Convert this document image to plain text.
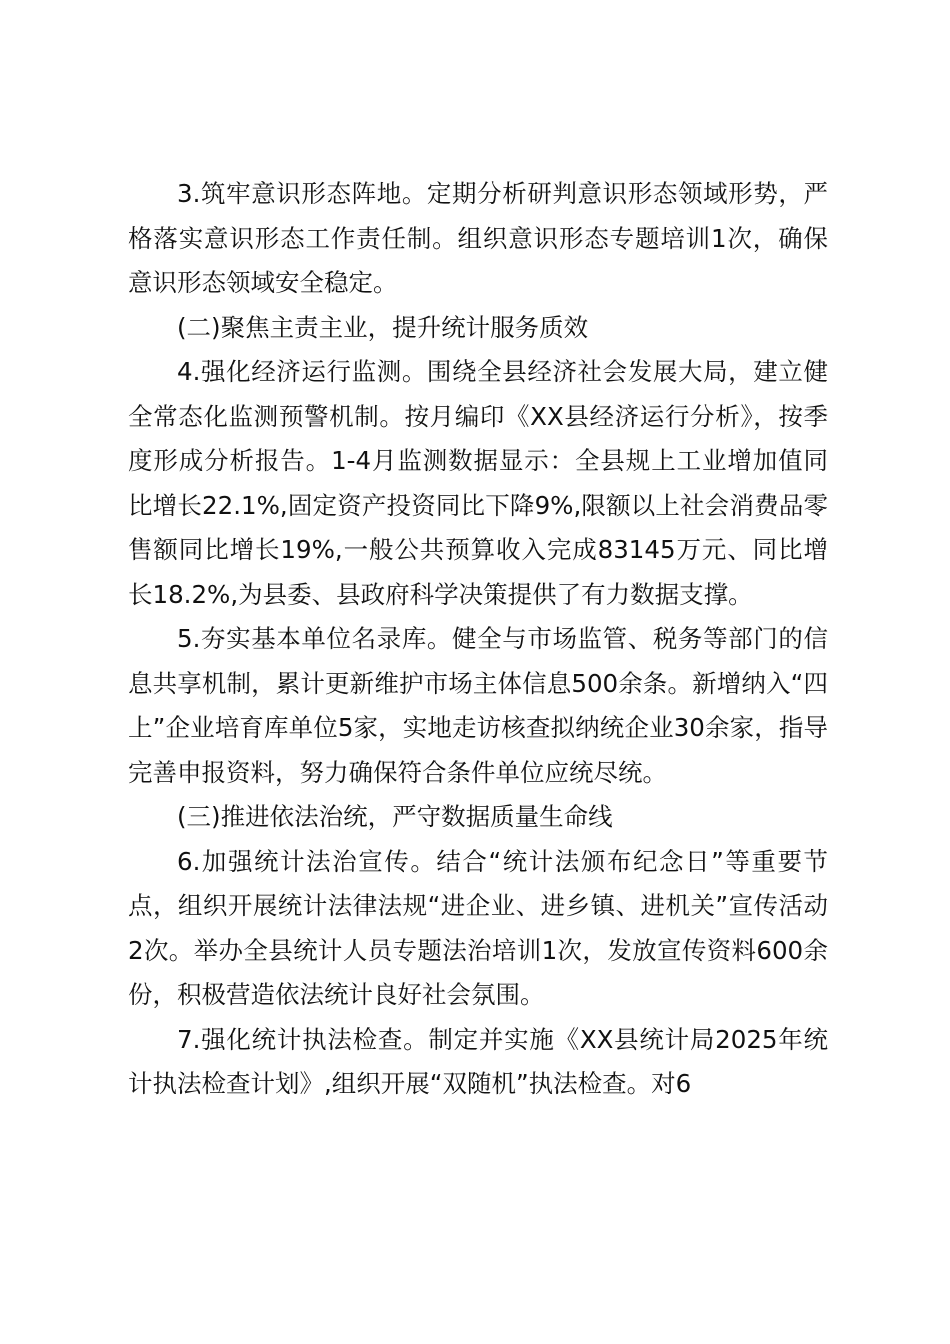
3.筑牢意识形态阵地。定期分析研判意识形态领域形势，严格落实意识形态工作责任制。组织意识形态专题培训1次，确保意识形态领域安全稳定。

(二)聚焦主责主业，提升统计服务质效

4.强化经济运行监测。围绕全县经济社会发展大局，建立健全常态化监测预警机制。按月编印《XX县经济运行分析》，按季度形成分析报告。1-4月监测数据显示：全县规上工业增加值同比增长22.1%,固定资产投资同比下降9%,限额以上社会消费品零售额同比增长19%,一般公共预算收入完成83145万元、同比增长18.2%,为县委、县政府科学决策提供了有力数据支撑。

5.夯实基本单位名录库。健全与市场监管、税务等部门的信息共享机制，累计更新维护市场主体信息500余条。新增纳入“四上”企业培育库单位5家，实地走访核查拟纳统企业30余家，指导完善申报资料，努力确保符合条件单位应统尽统。

(三)推进依法治统，严守数据质量生命线

6.加强统计法治宣传。结合“统计法颁布纪念日”等重要节点，组织开展统计法律法规“进企业、进乡镇、进机关”宣传活动2次。举办全县统计人员专题法治培训1次，发放宣传资料600余份，积极营造依法统计良好社会氛围。

7.强化统计执法检查。制定并实施《XX县统计局2025年统计执法检查计划》,组织开展“双随机”执法检查。对6
